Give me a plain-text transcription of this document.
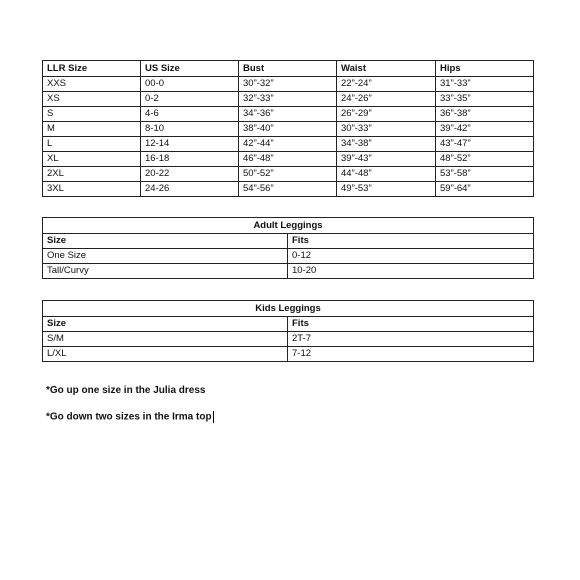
LLR Size	US Size	Bust	Waist	Hips
XXS	00-0	30”-32”	22”-24”	31”-33”
XS	0-2	32”-33”	24”-26”	33”-35”
S	4-6	34”-36”	26”-29”	36”-38”
M	8-10	38”-40”	30”-33”	39”-42”
L	12-14	42”-44”	34”-38”	43”-47”
XL	16-18	46”-48”	39”-43”	48”-52”
2XL	20-22	50”-52”	44”-48”	53”-58”
3XL	24-26	54”-56”	49”-53”	59”-64”
Adult Leggings	
Size	Fits
One Size	0-12
Tall/Curvy	10-20
Kids Leggings	
Size	Fits
S/M	2T-7
L/XL	7-12
*Go up one size in the Julia dress
*Go down two sizes in the Irma top
